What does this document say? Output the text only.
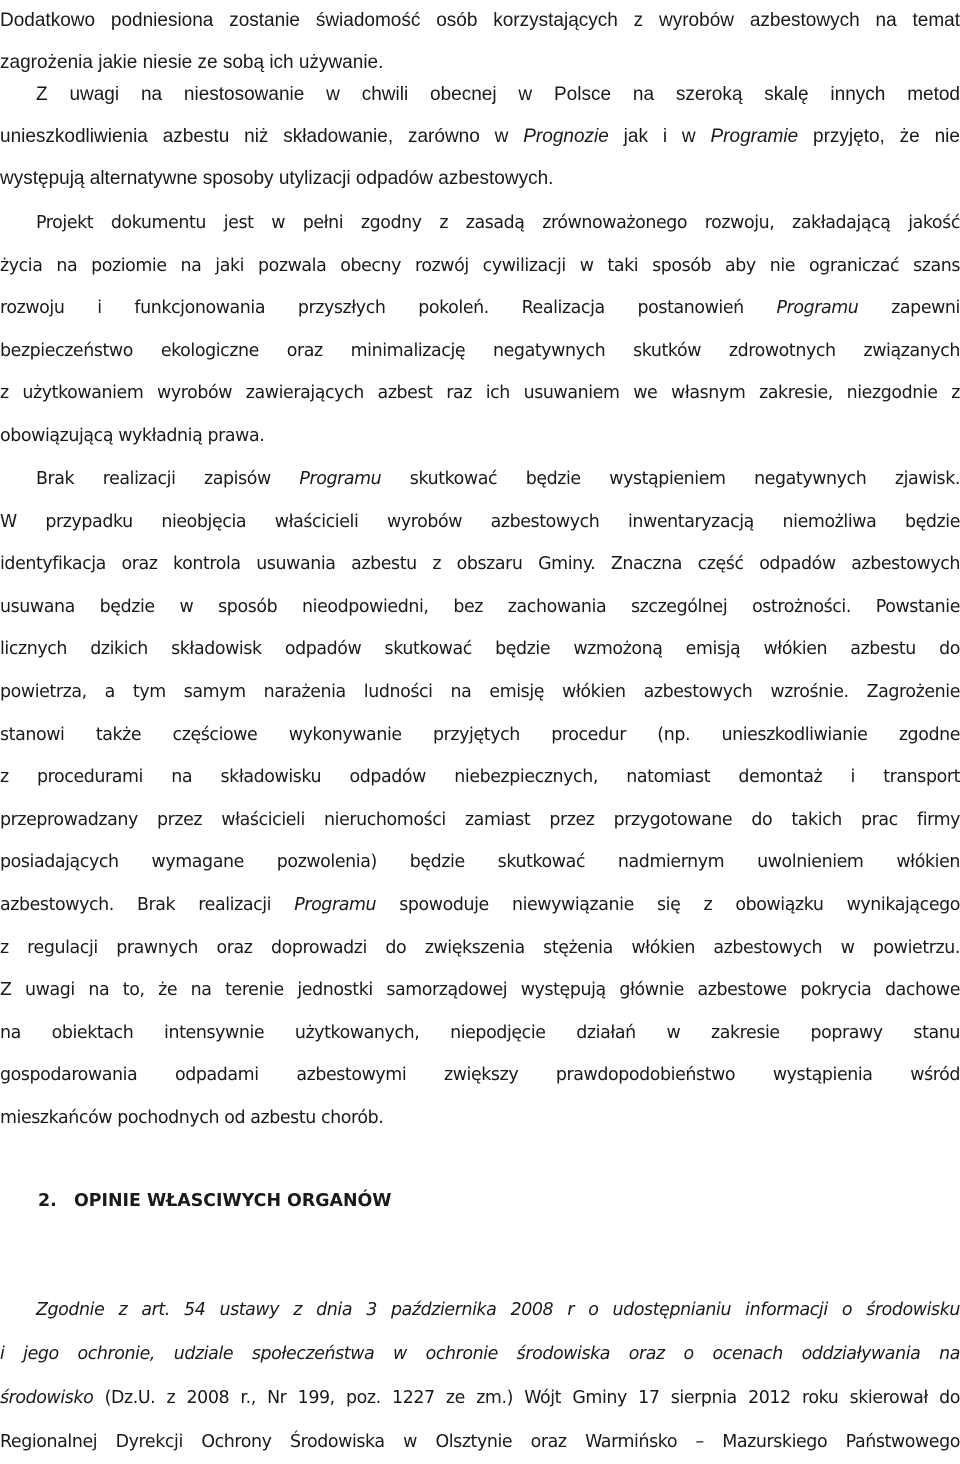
Dodatkowo podniesiona zostanie świadomość osób korzystających z wyrobów azbestowych na temat
zagrożenia jakie niesie ze sobą ich używanie.
Z uwagi na niestosowanie w chwili obecnej w Polsce na szeroką skalę innych metod
unieszkodliwienia azbestu niż składowanie, zarówno w Prognozie jak i w Programie przyjęto, że nie
występują alternatywne sposoby utylizacji odpadów azbestowych.
Projekt dokumentu jest w pełni zgodny z zasadą zrównoważonego rozwoju, zakładającą jakość
życia na poziomie na jaki pozwala obecny rozwój cywilizacji w taki sposób aby nie ograniczać szans
rozwoju i funkcjonowania przyszłych pokoleń. Realizacja postanowień Programu zapewni
bezpieczeństwo ekologiczne oraz minimalizację negatywnych skutków zdrowotnych związanych
z użytkowaniem wyrobów zawierających azbest raz ich usuwaniem we własnym zakresie, niezgodnie z
obowiązującą wykładnią prawa.
Brak realizacji zapisów Programu skutkować będzie wystąpieniem negatywnych zjawisk.
W przypadku nieobjęcia właścicieli wyrobów azbestowych inwentaryzacją niemożliwa będzie
identyfikacja oraz kontrola usuwania azbestu z obszaru Gminy. Znaczna część odpadów azbestowych
usuwana będzie w sposób nieodpowiedni, bez zachowania szczególnej ostrożności. Powstanie
licznych dzikich składowisk odpadów skutkować będzie wzmożoną emisją włókien azbestu do
powietrza, a tym samym narażenia ludności na emisję włókien azbestowych wzrośnie. Zagrożenie
stanowi także częściowe wykonywanie przyjętych procedur (np. unieszkodliwianie zgodne
z procedurami na składowisku odpadów niebezpiecznych, natomiast demontaż i transport
przeprowadzany przez właścicieli nieruchomości zamiast przez przygotowane do takich prac firmy
posiadających wymagane pozwolenia) będzie skutkować nadmiernym uwolnieniem włókien
azbestowych. Brak realizacji Programu spowoduje niewywiązanie się z obowiązku wynikającego
z regulacji prawnych oraz doprowadzi do zwiększenia stężenia włókien azbestowych w powietrzu.
Z uwagi na to, że na terenie jednostki samorządowej występują głównie azbestowe pokrycia dachowe
na obiektach intensywnie użytkowanych, niepodjęcie działań w zakresie poprawy stanu
gospodarowania odpadami azbestowymi zwiększy prawdopodobieństwo wystąpienia wśród
mieszkańców pochodnych od azbestu chorób.
2. OPINIE WŁASCIWYCH ORGANÓW
Zgodnie z art. 54 ustawy z dnia 3 października 2008 r o udostępnianiu informacji o środowisku
i jego ochronie, udziale społeczeństwa w ochronie środowiska oraz o ocenach oddziaływania na
środowisko (Dz.U. z 2008 r., Nr 199, poz. 1227 ze zm.) Wójt Gminy 17 sierpnia 2012 roku skierował do
Regionalnej Dyrekcji Ochrony Środowiska w Olsztynie oraz Warmińsko – Mazurskiego Państwowego
